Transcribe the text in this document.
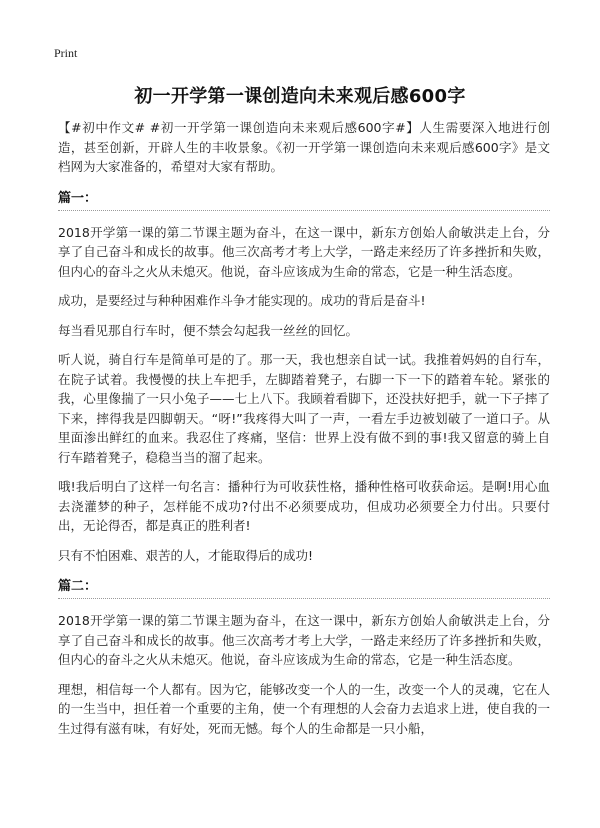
Print
初一开学第一课创造向未来观后感600字

【#初中作文# #初一开学第一课创造向未来观后感600字#】人生需要深入地进行创造，甚至创新，开辟人生的丰收景象。《初一开学第一课创造向未来观后感600字》是文档网为大家准备的，希望对大家有帮助。

篇一：

2018开学第一课的第二节课主题为奋斗，在这一课中，新东方创始人俞敏洪走上台，分享了自己奋斗和成长的故事。他三次高考才考上大学，一路走来经历了许多挫折和失败，但内心的奋斗之火从未熄灭。他说，奋斗应该成为生命的常态，它是一种生活态度。

成功，是要经过与种种困难作斗争才能实现的。成功的背后是奋斗!

每当看见那自行车时，便不禁会勾起我一丝丝的回忆。

听人说，骑自行车是简单可是的了。那一天，我也想亲自试一试。我推着妈妈的自行车，在院子试着。我慢慢的扶上车把手，左脚踏着凳子，右脚一下一下的踏着车轮。紧张的我，心里像揣了一只小兔子——七上八下。我顾着看脚下，还没扶好把手，就一下子摔了下来，摔得我是四脚朝天。“呀!”我疼得大叫了一声，一看左手边被划破了一道口子。从里面渗出鲜红的血来。我忍住了疼痛，坚信：世界上没有做不到的事!我又留意的骑上自行车踏着凳子，稳稳当当的溜了起来。

哦!我后明白了这样一句名言：播种行为可收获性格，播种性格可收获命运。是啊!用心血去浇灌梦的种子，怎样能不成功?付出不必须要成功，但成功必须要全力付出。只要付出，无论得否，都是真正的胜利者!

只有不怕困难、艰苦的人，才能取得后的成功!

篇二：

2018开学第一课的第二节课主题为奋斗，在这一课中，新东方创始人俞敏洪走上台，分享了自己奋斗和成长的故事。他三次高考才考上大学，一路走来经历了许多挫折和失败，但内心的奋斗之火从未熄灭。他说，奋斗应该成为生命的常态，它是一种生活态度。

理想，相信每一个人都有。因为它，能够改变一个人的一生，改变一个人的灵魂，它在人的一生当中，担任着一个重要的主角，使一个有理想的人会奋力去追求上进，使自我的一生过得有滋有味，有好处，死而无憾。每个人的生命都是一只小船，
